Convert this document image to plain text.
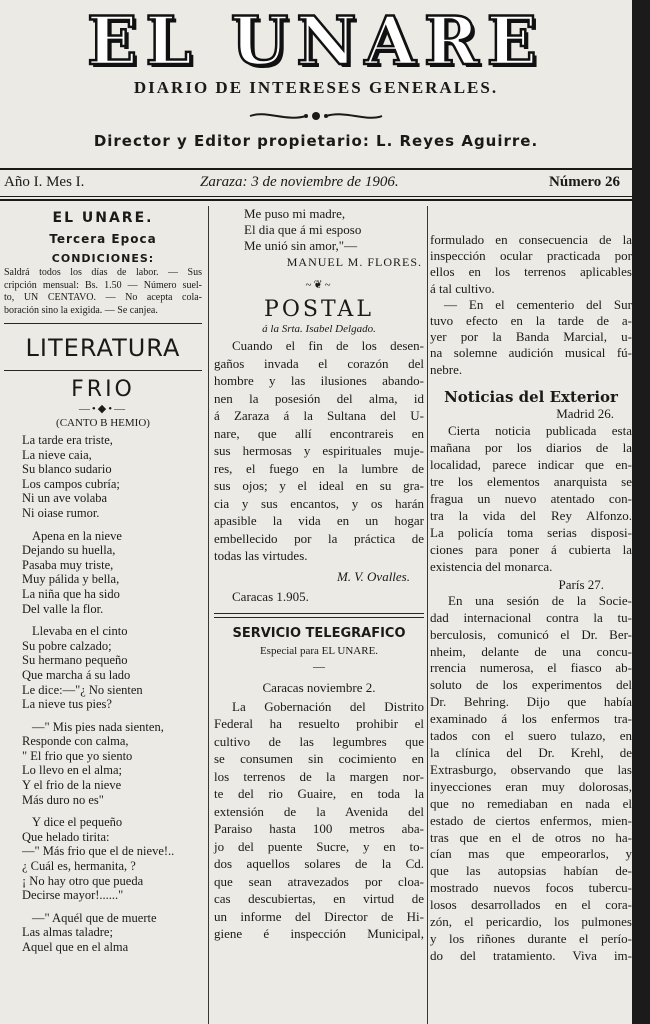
EL UNARE
DIARIO DE INTERESES GENERALES.
Director y Editor propietario: L. Reyes Aguirre.
Año I. Mes I.	Zaraza: 3 de noviembre de 1906.	Número 26
EL UNARE.
Tercera Epoca
CONDICIONES:
Saldrá todos los días de labor. — Sus
cripción mensual: Bs. 1.50 — Número suel-
to, UN CENTAVO. — No acepta cola-
boración sino la exigida. — Se canjea.
LITERATURA
FRIO
—•◆•—
(CANTO B HEMIO)
La tarde era triste,
La nieve caia,
Su blanco sudario
Los campos cubría;
Ni un ave volaba
Ni oiase rumor.

Apena en la nieve
Dejando su huella,
Pasaba muy triste,
Muy pálida y bella,
La niña que ha sido
Del valle la flor.

Llevaba en el cinto
Su pobre calzado;
Su hermano pequeño
Que marcha á su lado
Le dice:—"¿ No sienten
La nieve tus pies?

—" Mis pies nada sienten,
Responde con calma,
" El frio que yo siento
Lo llevo en el alma;
Y el frio de la nieve
Más duro no es"

Y dice el pequeño
Que helado tirita:
—" Más frio que el de nieve!..
¿ Cuál es, hermanita, ?
¡ No hay otro que pueda
Decirse mayor!......"

—" Aquél que de muerte
Las almas taladre;
Aquel que en el alma
Me puso mi madre,
El dia que á mi esposo
Me unió sin amor,"—
MANUEL M. FLORES.
~❦~
POSTAL
á la Srta. Isabel Delgado.
Cuando el fin de los desen-
gaños invada el corazón del
hombre y las ilusiones abando-
nen la posesión del alma, id
á Zaraza á la Sultana del U-
nare, que allí encontrareis en
sus hermosas y espirituales muje-
res, el fuego en la lumbre de
sus ojos; y el ideal en su gra-
cia y sus encantos, y os harán
apasible la vida en un hogar
embellecido por la práctica de
todas las virtudes.
M. V. Ovalles.
Caracas 1.905.
SERVICIO TELEGRAFICO
Especial para EL UNARE.
—
Caracas noviembre 2.
La Gobernación del Distrito
Federal ha resuelto prohibir el
cultivo de las legumbres que
se consumen sin cocimiento en
los terrenos de la margen nor-
te del rio Guaire, en toda la
extensión de la Avenida del
Paraiso hasta 100 metros aba-
jo del puente Sucre, y en to-
dos aquellos solares de la Cd.
que sean atravezados por cloa-
cas descubiertas, en virtud de
un informe del Director de Hi-
giene é inspección Municipal,
formulado en consecuencia de la
inspección ocular practicada por
ellos en los terrenos aplicables
á tal cultivo.
— En el cementerio del Sur
tuvo efecto en la tarde de a-
yer por la Banda Marcial, u-
na solemne audición musical fú-
nebre.
Noticias del Exterior
Madrid 26.
Cierta noticia publicada esta
mañana por los diarios de la
localidad, parece indicar que en-
tre los elementos anarquista se
fragua un nuevo atentado con-
tra la vida del Rey Alfonzo.
La policía toma serias disposi-
ciones para poner á cubierta la
existencia del monarca.
París 27.
En una sesión de la Socie-
dad internacional contra la tu-
berculosis, comunicó el Dr. Ber-
nheim, delante de una concu-
rrencia numerosa, el fiasco ab-
soluto de los experimentos del
Dr. Behring. Dijo que había
examinado á los enfermos tra-
tados con el suero tulazo, en
la clínica del Dr. Krehl, de
Extrasburgo, observando que las
inyecciones eran muy dolorosas,
que no remediaban en nada el
estado de ciertos enfermos, mien-
tras que en el de otros no ha-
cían mas que empeorarlos, y
que las autopsias habían de-
mostrado nuevos focos tubercu-
losos desarrollados en el cora-
zón, el pericardio, los pulmones
y los riñones durante el perío-
do del tratamiento. Viva im-
